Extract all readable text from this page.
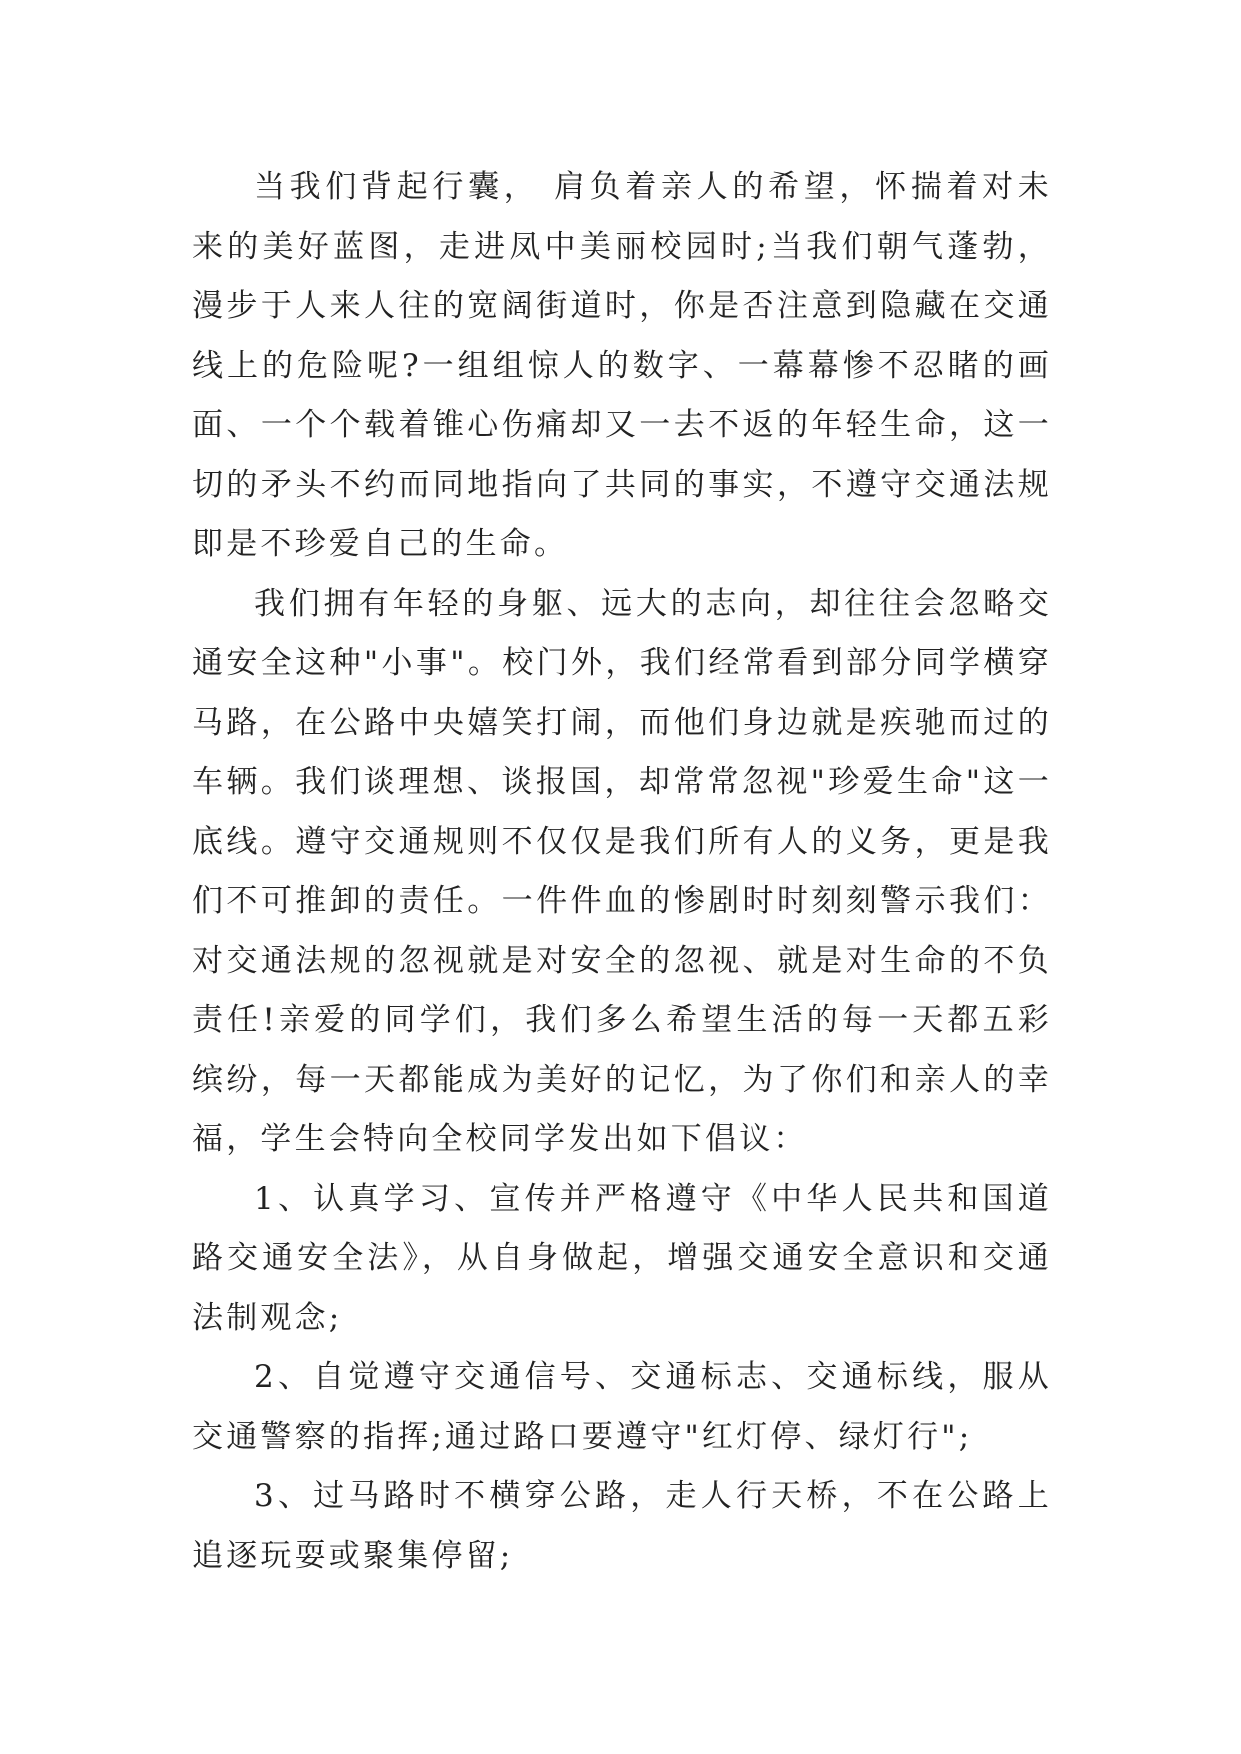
当我们背起行囊， 肩负着亲人的希望，怀揣着对未来的美好蓝图，走进凤中美丽校园时;当我们朝气蓬勃，漫步于人来人往的宽阔街道时，你是否注意到隐藏在交通线上的危险呢?一组组惊人的数字、一幕幕惨不忍睹的画面、一个个载着锥心伤痛却又一去不返的年轻生命，这一切的矛头不约而同地指向了共同的事实，不遵守交通法规即是不珍爱自己的生命。

我们拥有年轻的身躯、远大的志向，却往往会忽略交通安全这种"小事"。校门外，我们经常看到部分同学横穿马路，在公路中央嬉笑打闹，而他们身边就是疾驰而过的车辆。我们谈理想、谈报国，却常常忽视"珍爱生命"这一底线。遵守交通规则不仅仅是我们所有人的义务，更是我们不可推卸的责任。一件件血的惨剧时时刻刻警示我们：对交通法规的忽视就是对安全的忽视、就是对生命的不负责任!亲爱的同学们，我们多么希望生活的每一天都五彩缤纷，每一天都能成为美好的记忆，为了你们和亲人的幸福，学生会特向全校同学发出如下倡议：

1、认真学习、宣传并严格遵守《中华人民共和国道路交通安全法》，从自身做起，增强交通安全意识和交通法制观念;

2、自觉遵守交通信号、交通标志、交通标线，服从交通警察的指挥;通过路口要遵守"红灯停、绿灯行";

3、过马路时不横穿公路，走人行天桥，不在公路上追逐玩耍或聚集停留;
